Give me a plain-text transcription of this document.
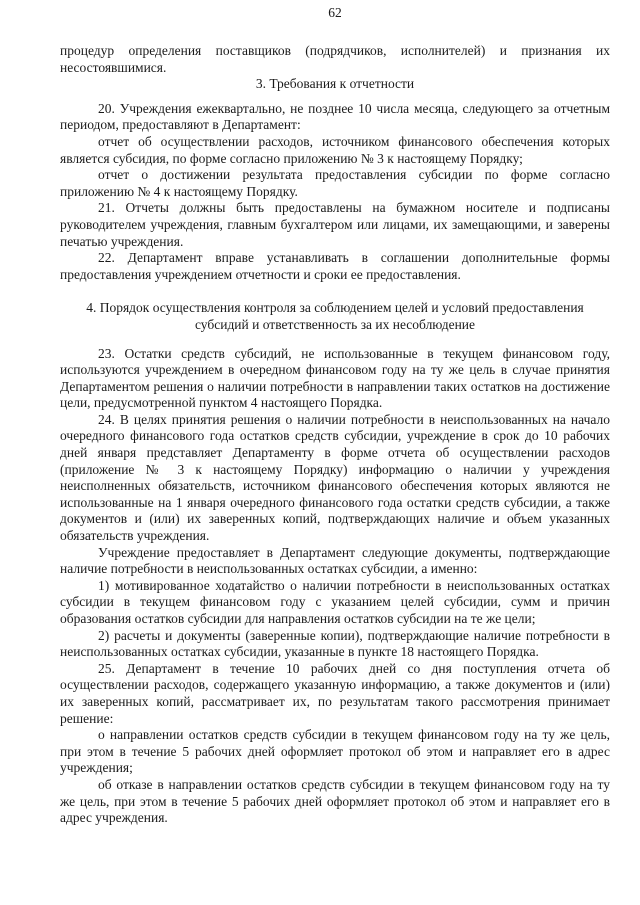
62

процедур определения поставщиков (подрядчиков, исполнителей) и признания их несостоявшимися.

3. Требования к отчетности

20. Учреждения ежеквартально, не позднее 10 числа месяца, следующего за отчетным периодом, предоставляют в Департамент:

отчет об осуществлении расходов, источником финансового обеспечения которых является субсидия, по форме согласно приложению № 3 к настоящему Порядку;

отчет о достижении результата предоставления субсидии по форме согласно приложению № 4 к настоящему Порядку.

21. Отчеты должны быть предоставлены на бумажном носителе и подписаны руководителем учреждения, главным бухгалтером или лицами, их замещающими, и заверены печатью учреждения.

22. Департамент вправе устанавливать в соглашении дополнительные формы предоставления учреждением отчетности и сроки ее предоставления.

4. Порядок осуществления контроля за соблюдением целей и условий предоставления субсидий и ответственность за их несоблюдение

23. Остатки средств субсидий, не использованные в текущем финансовом году, используются учреждением в очередном финансовом году на ту же цель в случае принятия Департаментом решения о наличии потребности в направлении таких остатков на достижение цели, предусмотренной пунктом 4 настоящего Порядка.

24. В целях принятия решения о наличии потребности в неиспользованных на начало очередного финансового года остатков средств субсидии, учреждение в срок до 10 рабочих дней января представляет Департаменту в форме отчета об осуществлении расходов (приложение № 3 к настоящему Порядку) информацию о наличии у учреждения неисполненных обязательств, источником финансового обеспечения которых являются не использованные на 1 января очередного финансового года остатки средств субсидии, а также документов и (или) их заверенных копий, подтверждающих наличие и объем указанных обязательств учреждения.

Учреждение предоставляет в Департамент следующие документы, подтверждающие наличие потребности в неиспользованных остатках субсидии, а именно:

1) мотивированное ходатайство о наличии потребности в неиспользованных остатках субсидии в текущем финансовом году с указанием целей субсидии, сумм и причин образования остатков субсидии для направления остатков субсидии на те же цели;

2) расчеты и документы (заверенные копии), подтверждающие наличие потребности в неиспользованных остатках субсидии, указанные в пункте 18 настоящего Порядка.

25. Департамент в течение 10 рабочих дней со дня поступления отчета об осуществлении расходов, содержащего указанную информацию, а также документов и (или) их заверенных копий, рассматривает их, по результатам такого рассмотрения принимает решение:

о направлении остатков средств субсидии в текущем финансовом году на ту же цель, при этом в течение 5 рабочих дней оформляет протокол об этом и направляет его в адрес учреждения;

об отказе в направлении остатков средств субсидии в текущем финансовом году на ту же цель, при этом в течение 5 рабочих дней оформляет протокол об этом и направляет его в адрес учреждения.
